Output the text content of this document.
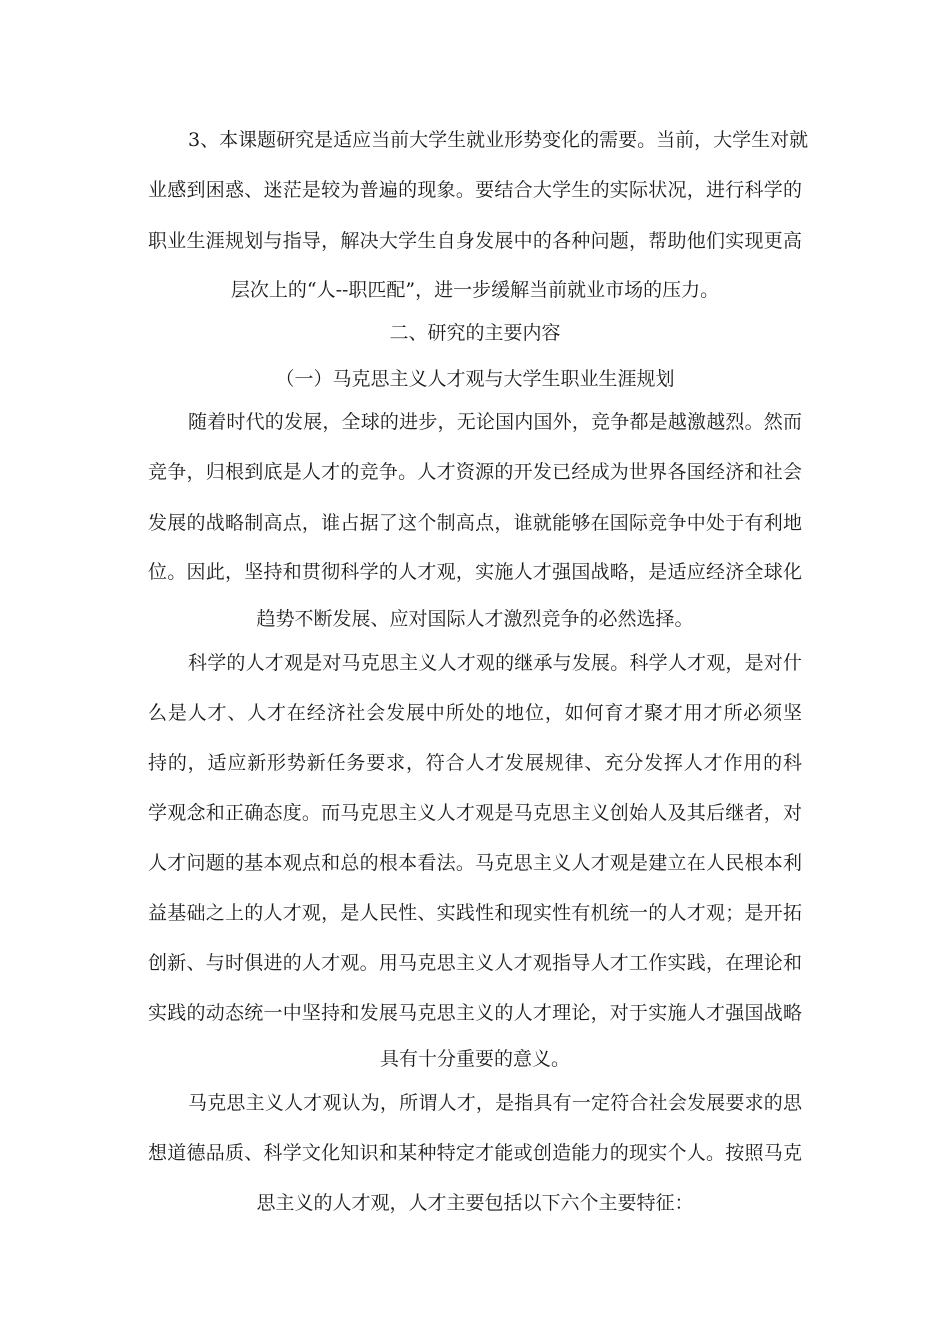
3、本课题研究是适应当前大学生就业形势变化的需要。当前，大学生对就
业感到困惑、迷茫是较为普遍的现象。要结合大学生的实际状况，进行科学的
职业生涯规划与指导，解决大学生自身发展中的各种问题，帮助他们实现更高
层次上的“人--职匹配”，进一步缓解当前就业市场的压力。
二、研究的主要内容
（一）马克思主义人才观与大学生职业生涯规划
随着时代的发展，全球的进步，无论国内国外，竞争都是越激越烈。然而
竞争，归根到底是人才的竞争。人才资源的开发已经成为世界各国经济和社会
发展的战略制高点，谁占据了这个制高点，谁就能够在国际竞争中处于有利地
位。因此，坚持和贯彻科学的人才观，实施人才强国战略，是适应经济全球化
趋势不断发展、应对国际人才激烈竞争的必然选择。
科学的人才观是对马克思主义人才观的继承与发展。科学人才观，是对什
么是人才、人才在经济社会发展中所处的地位，如何育才聚才用才所必须坚
持的，适应新形势新任务要求，符合人才发展规律、充分发挥人才作用的科
学观念和正确态度。而马克思主义人才观是马克思主义创始人及其后继者，对
人才问题的基本观点和总的根本看法。马克思主义人才观是建立在人民根本利
益基础之上的人才观，是人民性、实践性和现实性有机统一的人才观；是开拓
创新、与时俱进的人才观。用马克思主义人才观指导人才工作实践，在理论和
实践的动态统一中坚持和发展马克思主义的人才理论，对于实施人才强国战略
具有十分重要的意义。
马克思主义人才观认为，所谓人才，是指具有一定符合社会发展要求的思
想道德品质、科学文化知识和某种特定才能或创造能力的现实个人。按照马克
思主义的人才观，人才主要包括以下六个主要特征：
